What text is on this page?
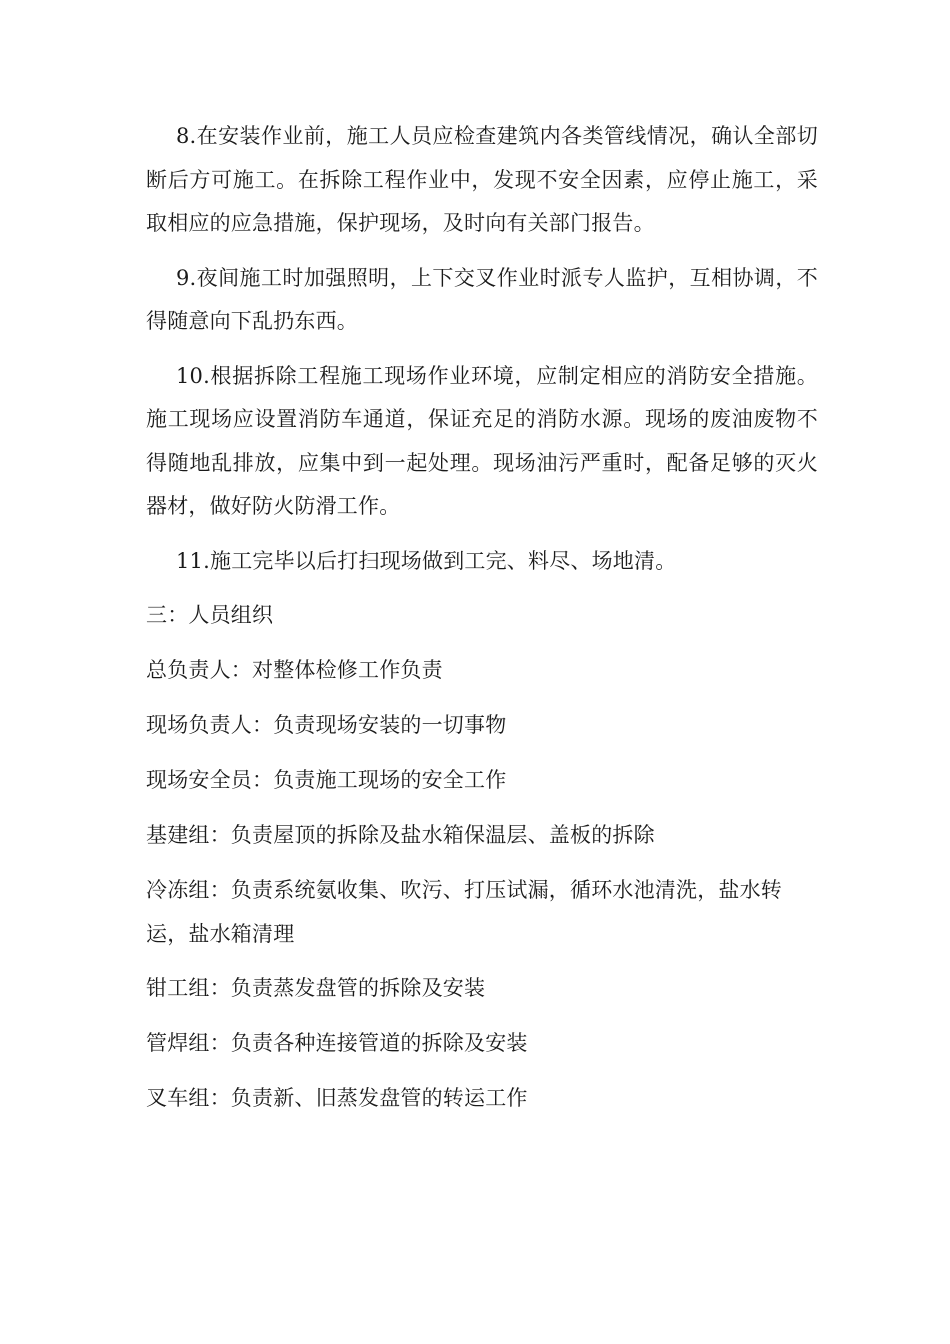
8.在安装作业前，施工人员应检查建筑内各类管线情况，确认全部切断后方可施工。在拆除工程作业中，发现不安全因素，应停止施工，采取相应的应急措施，保护现场，及时向有关部门报告。

9.夜间施工时加强照明，上下交叉作业时派专人监护，互相协调，不得随意向下乱扔东西。

10.根据拆除工程施工现场作业环境，应制定相应的消防安全措施。施工现场应设置消防车通道，保证充足的消防水源。现场的废油废物不得随地乱排放，应集中到一起处理。现场油污严重时，配备足够的灭火器材，做好防火防滑工作。

11.施工完毕以后打扫现场做到工完、料尽、场地清。

三：人员组织

总负责人：对整体检修工作负责

现场负责人：负责现场安装的一切事物

现场安全员：负责施工现场的安全工作

基建组：负责屋顶的拆除及盐水箱保温层、盖板的拆除

冷冻组：负责系统氨收集、吹污、打压试漏，循环水池清洗，盐水转运，盐水箱清理

钳工组：负责蒸发盘管的拆除及安装

管焊组：负责各种连接管道的拆除及安装

叉车组：负责新、旧蒸发盘管的转运工作
